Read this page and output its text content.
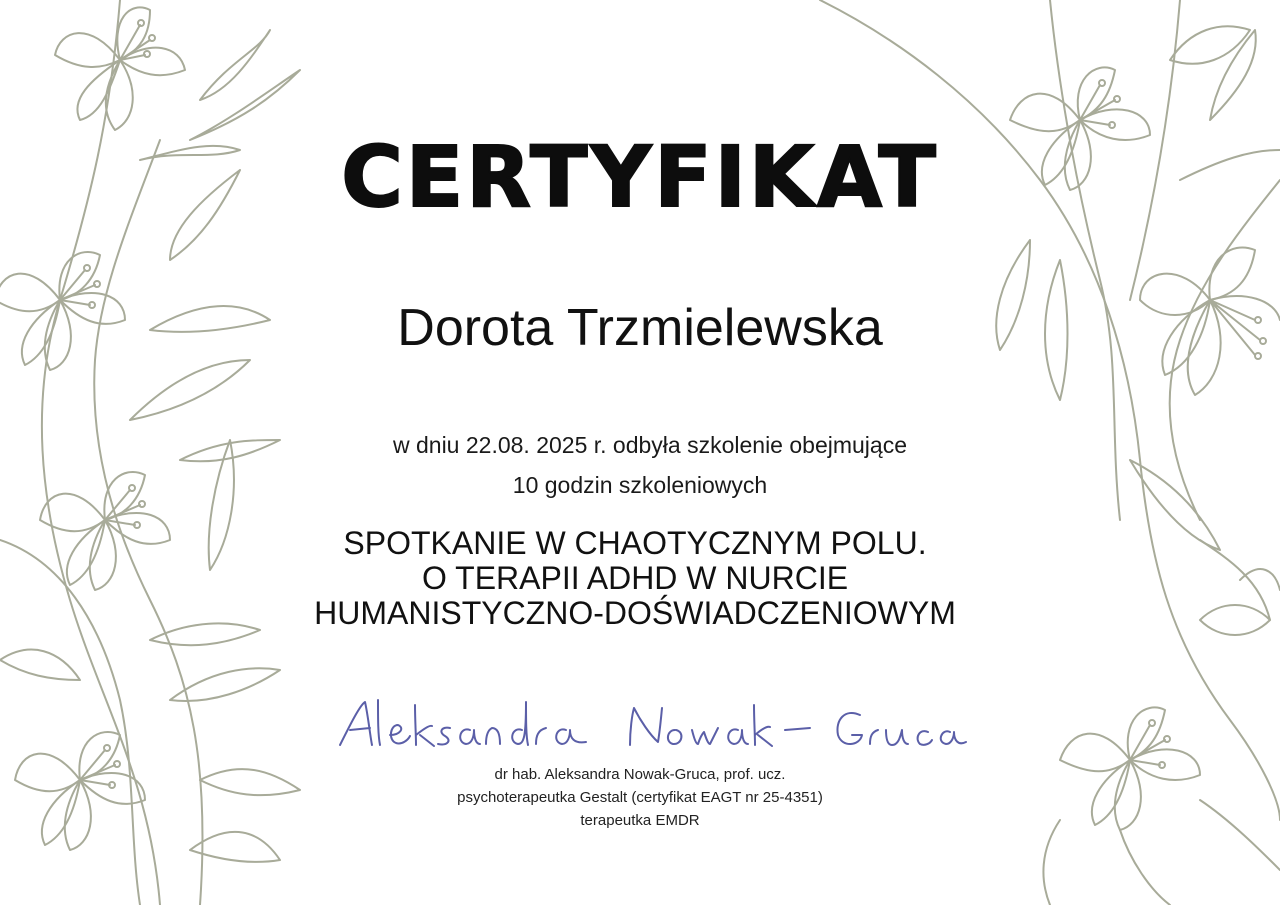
CERTYFIKAT
Dorota Trzmielewska
w dniu 22.08. 2025 r. odbyła szkolenie obejmujące
10 godzin szkoleniowych
SPOTKANIE W CHAOTYCZNYM POLU.
O TERAPII ADHD W NURCIE
HUMANISTYCZNO-DOŚWIADCZENIOWYM
dr hab. Aleksandra Nowak-Gruca, prof. ucz.
psychoterapeutka Gestalt (certyfikat EAGT nr 25-4351)
terapeutka EMDR
